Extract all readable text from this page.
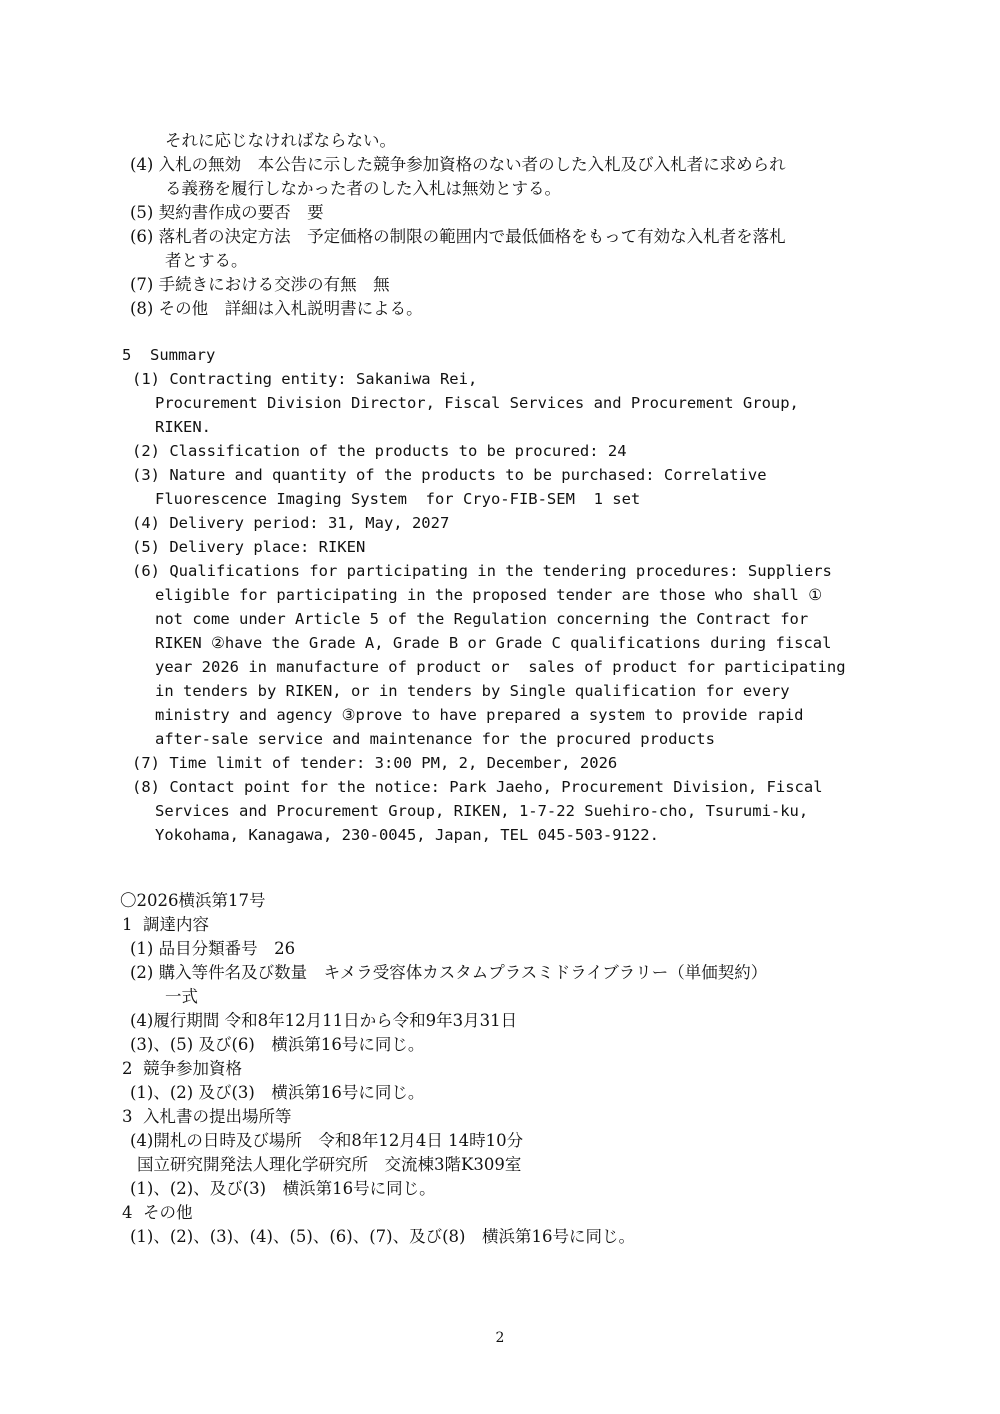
それに応じなければならない。
(4) 入札の無効　本公告に示した競争参加資格のない者のした入札及び入札者に求められ
る義務を履行しなかった者のした入札は無効とする。
(5) 契約書作成の要否　要
(6) 落札者の決定方法　予定価格の制限の範囲内で最低価格をもって有効な入札者を落札
者とする。
(7) 手続きにおける交渉の有無　無
(8) その他　詳細は入札説明書による。
5  Summary
(1) Contracting entity: Sakaniwa Rei,
Procurement Division Director, Fiscal Services and Procurement Group,
RIKEN.
(2) Classification of the products to be procured: 24
(3) Nature and quantity of the products to be purchased: Correlative
Fluorescence Imaging System  for Cryo-FIB-SEM  1 set
(4) Delivery period: 31, May, 2027
(5) Delivery place: RIKEN
(6) Qualifications for participating in the tendering procedures: Suppliers
eligible for participating in the proposed tender are those who shall ①
not come under Article 5 of the Regulation concerning the Contract for
RIKEN ②have the Grade A, Grade B or Grade C qualifications during fiscal
year 2026 in manufacture of product or  sales of product for participating
in tenders by RIKEN, or in tenders by Single qualification for every
ministry and agency ③prove to have prepared a system to provide rapid
after-sale service and maintenance for the procured products
(7) Time limit of tender: 3:00 PM, 2, December, 2026
(8) Contact point for the notice: Park Jaeho, Procurement Division, Fiscal
Services and Procurement Group, RIKEN, 1-7-22 Suehiro-cho, Tsurumi-ku,
Yokohama, Kanagawa, 230-0045, Japan, TEL 045-503-9122.
〇2026横浜第17号
1  調達内容
(1) 品目分類番号　26
(2) 購入等件名及び数量　キメラ受容体カスタムプラスミドライブラリー（単価契約）
一式
(4)履行期間 令和8年12月11日から令和9年3月31日
(3)、(5) 及び(6)　横浜第16号に同じ。
2  競争参加資格
(1)、(2) 及び(3)　横浜第16号に同じ。
3  入札書の提出場所等
(4)開札の日時及び場所　令和8年12月4日 14時10分
国立研究開発法人理化学研究所　交流棟3階K309室
(1)、(2)、及び(3)　横浜第16号に同じ。
4  その他
(1)、(2)、(3)、(4)、(5)、(6)、(7)、及び(8)　横浜第16号に同じ。
2
